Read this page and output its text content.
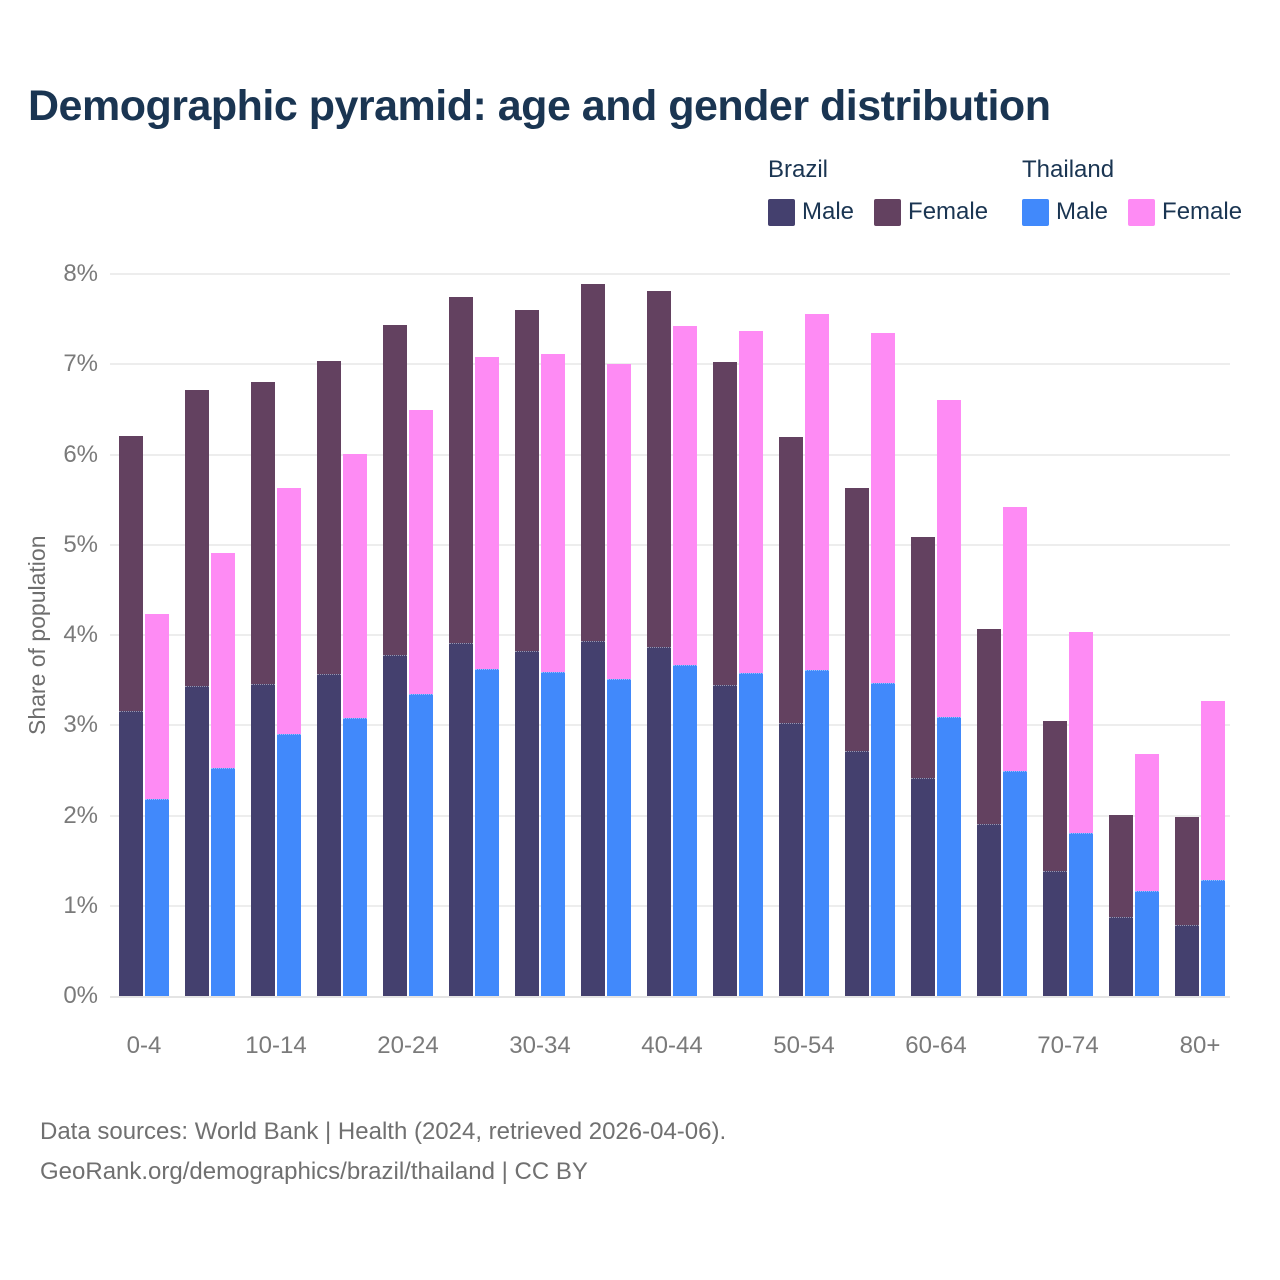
Demographic pyramid: age and gender distribution
Brazil
Male Female
Thailand
Male Female
Share of population
0%
1%
2%
3%
4%
5%
6%
7%
8%
0-4	10-14	20-24	30-34	40-44	50-54	60-64	70-74	80+
Data sources: World Bank | Health (2024, retrieved 2026-04-06).
GeoRank.org/demographics/brazil/thailand | CC BY
